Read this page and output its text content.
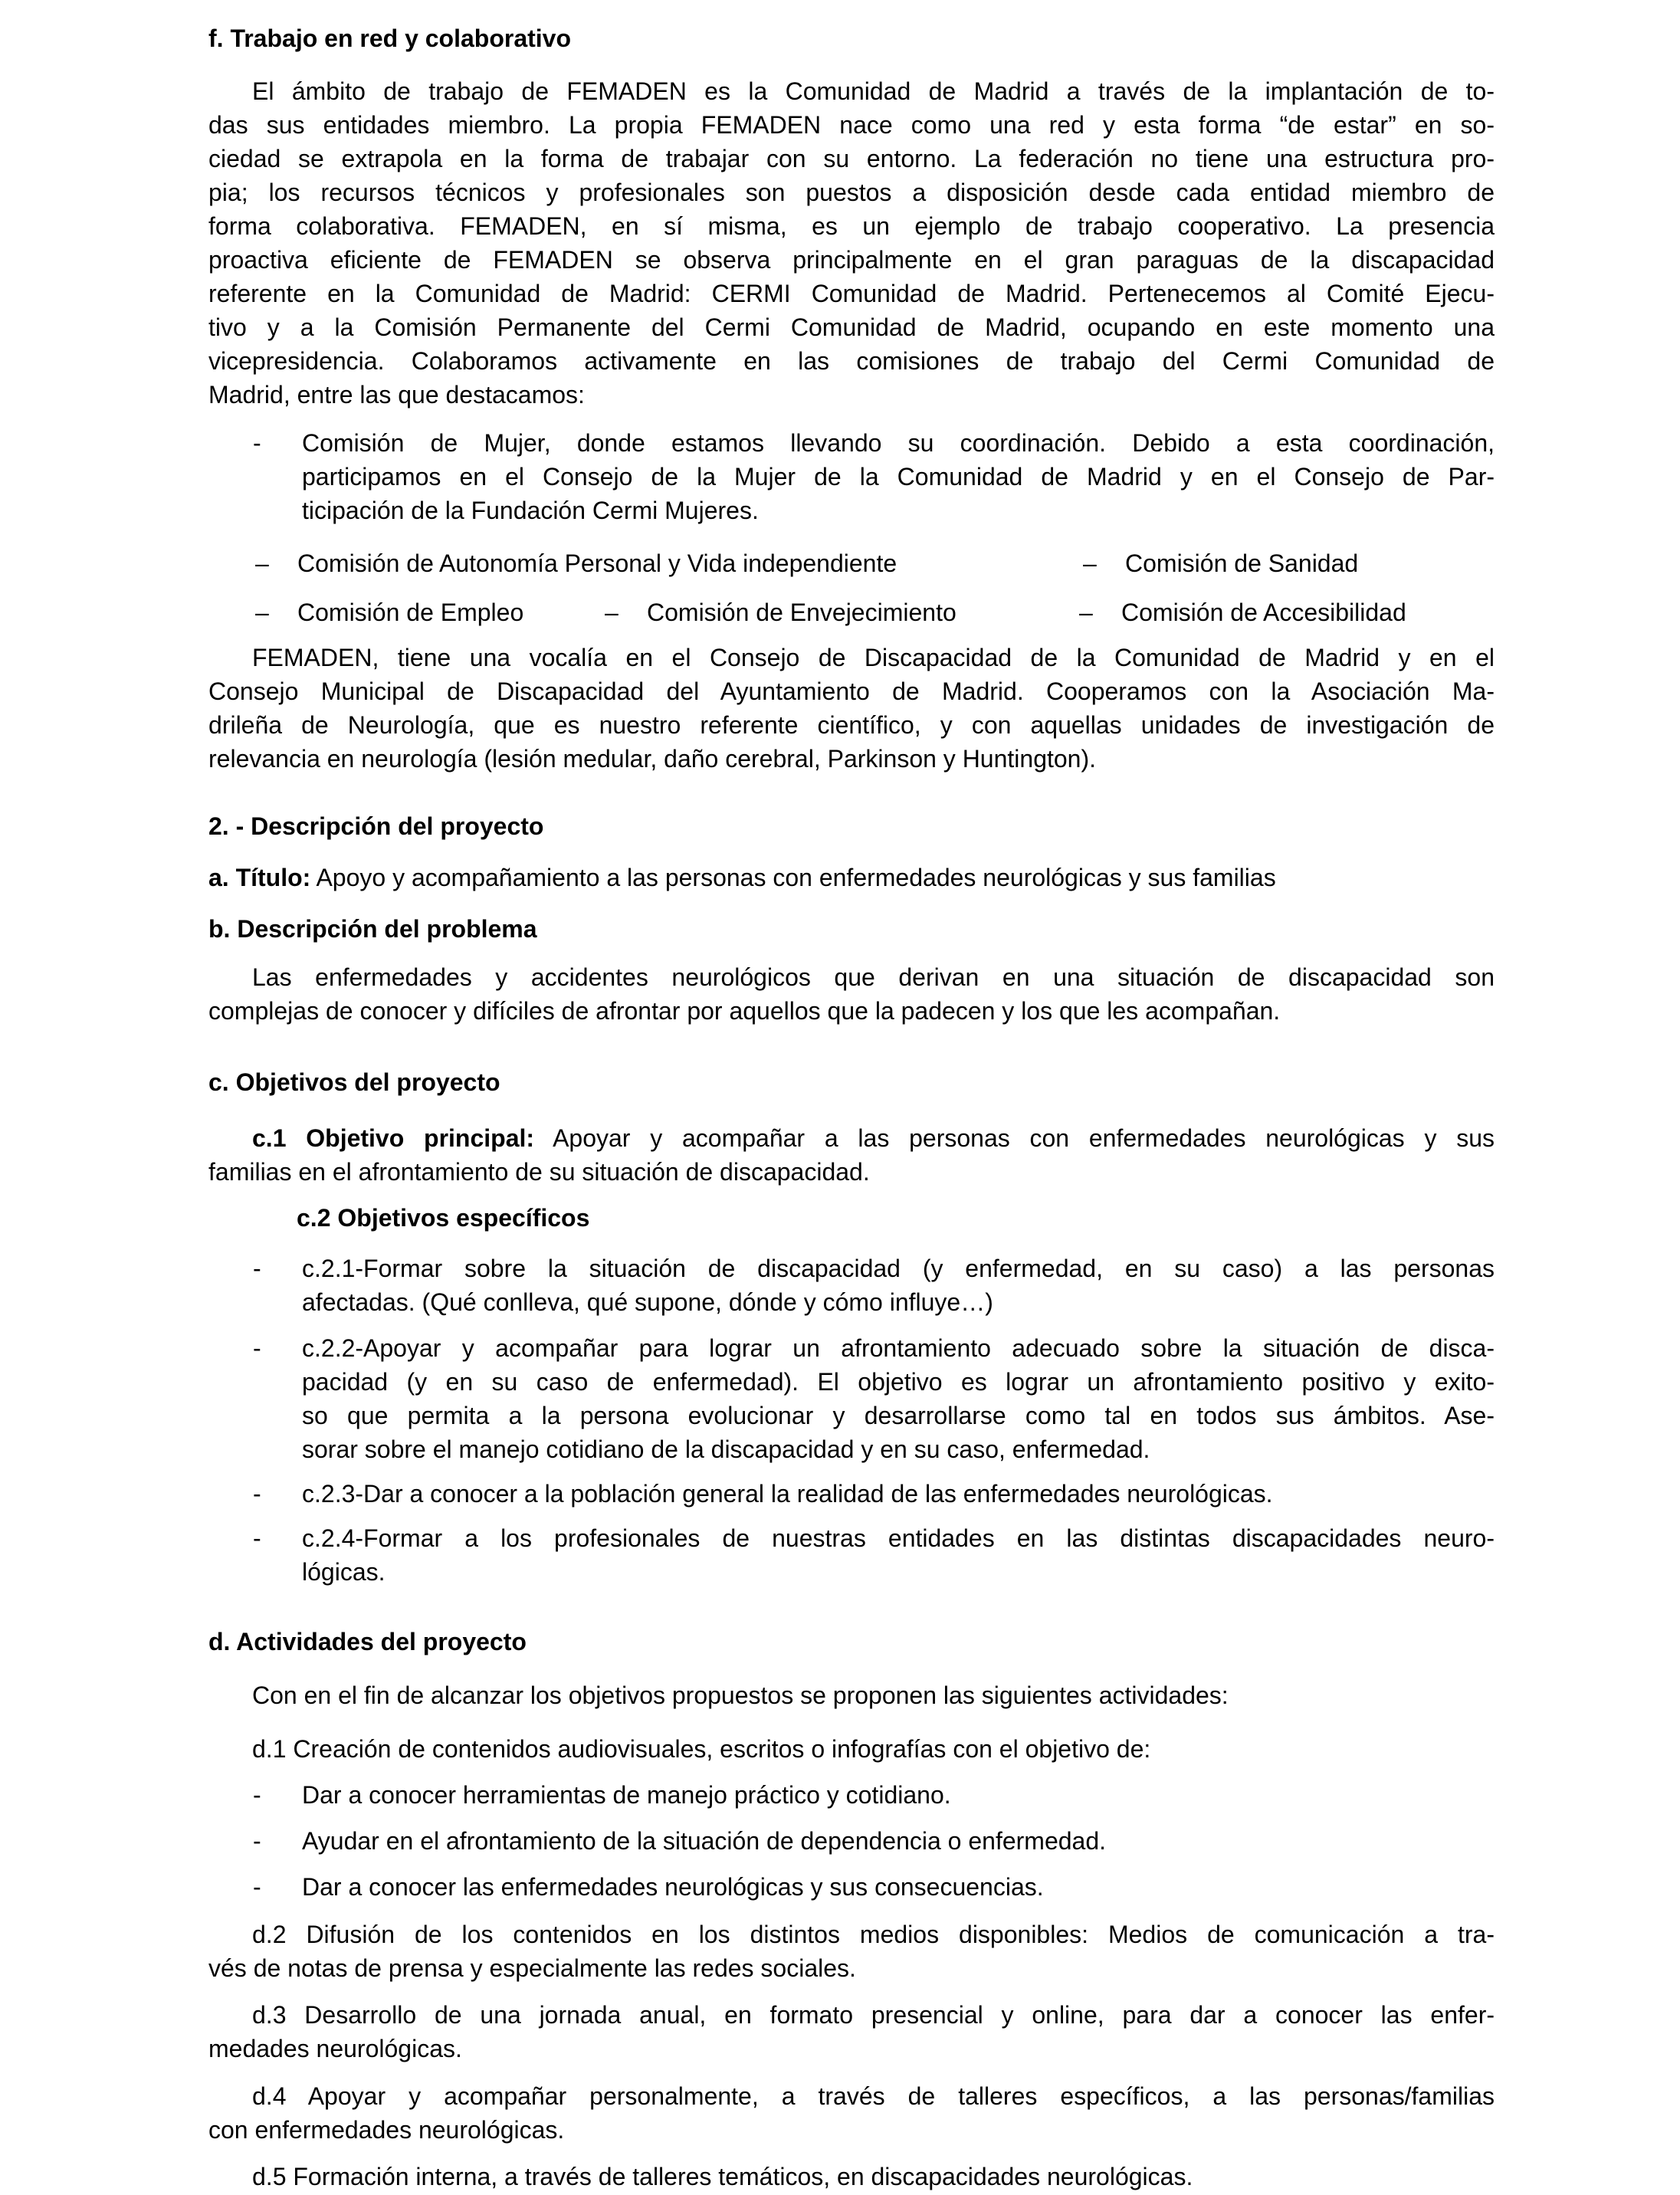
f. Trabajo en red y colaborativo
El ámbito de trabajo de FEMADEN es la Comunidad de Madrid a través de la implantación de to-
das sus entidades miembro. La propia FEMADEN nace como una red y esta forma “de estar” en so-
ciedad se extrapola en la forma de trabajar con su entorno. La federación no tiene una estructura pro-
pia; los recursos técnicos y profesionales son puestos a disposición desde cada entidad miembro de
forma colaborativa. FEMADEN, en sí misma, es un ejemplo de trabajo cooperativo. La presencia
proactiva eficiente de FEMADEN se observa principalmente en el gran paraguas de la discapacidad
referente en la Comunidad de Madrid: CERMI Comunidad de Madrid. Pertenecemos al Comité Ejecu-
tivo y a la Comisión Permanente del Cermi Comunidad de Madrid, ocupando en este momento una
vicepresidencia. Colaboramos activamente en las comisiones de trabajo del Cermi Comunidad de
Madrid, entre las que destacamos:
- Comisión de Mujer, donde estamos llevando su coordinación. Debido a esta coordinación,
participamos en el Consejo de la Mujer de la Comunidad de Madrid y en el Consejo de Par-
ticipación de la Fundación Cermi Mujeres.
– Comisión de Autonomía Personal y Vida independiente	– Comisión de Sanidad
– Comisión de Empleo	– Comisión de Envejecimiento	– Comisión de Accesibilidad
FEMADEN, tiene una vocalía en el Consejo de Discapacidad de la Comunidad de Madrid y en el
Consejo Municipal de Discapacidad del Ayuntamiento de Madrid. Cooperamos con la Asociación Ma-
drileña de Neurología, que es nuestro referente científico, y con aquellas unidades de investigación de
relevancia en neurología (lesión medular, daño cerebral, Parkinson y Huntington).
2. - Descripción del proyecto
a. Título: Apoyo y acompañamiento a las personas con enfermedades neurológicas y sus familias
b. Descripción del problema
Las enfermedades y accidentes neurológicos que derivan en una situación de discapacidad son
complejas de conocer y difíciles de afrontar por aquellos que la padecen y los que les acompañan.
c. Objetivos del proyecto
c.1 Objetivo principal: Apoyar y acompañar a las personas con enfermedades neurológicas y sus
familias en el afrontamiento de su situación de discapacidad.
c.2 Objetivos específicos
- c.2.1-Formar sobre la situación de discapacidad (y enfermedad, en su caso) a las personas
afectadas. (Qué conlleva, qué supone, dónde y cómo influye…)
- c.2.2-Apoyar y acompañar para lograr un afrontamiento adecuado sobre la situación de disca-
pacidad (y en su caso de enfermedad). El objetivo es lograr un afrontamiento positivo y exito-
so que permita a la persona evolucionar y desarrollarse como tal en todos sus ámbitos. Ase-
sorar sobre el manejo cotidiano de la discapacidad y en su caso, enfermedad.
- c.2.3-Dar a conocer a la población general la realidad de las enfermedades neurológicas.
- c.2.4-Formar a los profesionales de nuestras entidades en las distintas discapacidades neuro-
lógicas.
d. Actividades del proyecto
Con en el fin de alcanzar los objetivos propuestos se proponen las siguientes actividades:
d.1 Creación de contenidos audiovisuales, escritos o infografías con el objetivo de:
- Dar a conocer herramientas de manejo práctico y cotidiano.
- Ayudar en el afrontamiento de la situación de dependencia o enfermedad.
- Dar a conocer las enfermedades neurológicas y sus consecuencias.
d.2 Difusión de los contenidos en los distintos medios disponibles: Medios de comunicación a tra-
vés de notas de prensa y especialmente las redes sociales.
d.3 Desarrollo de una jornada anual, en formato presencial y online, para dar a conocer las enfer-
medades neurológicas.
d.4 Apoyar y acompañar personalmente, a través de talleres específicos, a las personas/familias
con enfermedades neurológicas.
d.5 Formación interna, a través de talleres temáticos, en discapacidades neurológicas.
